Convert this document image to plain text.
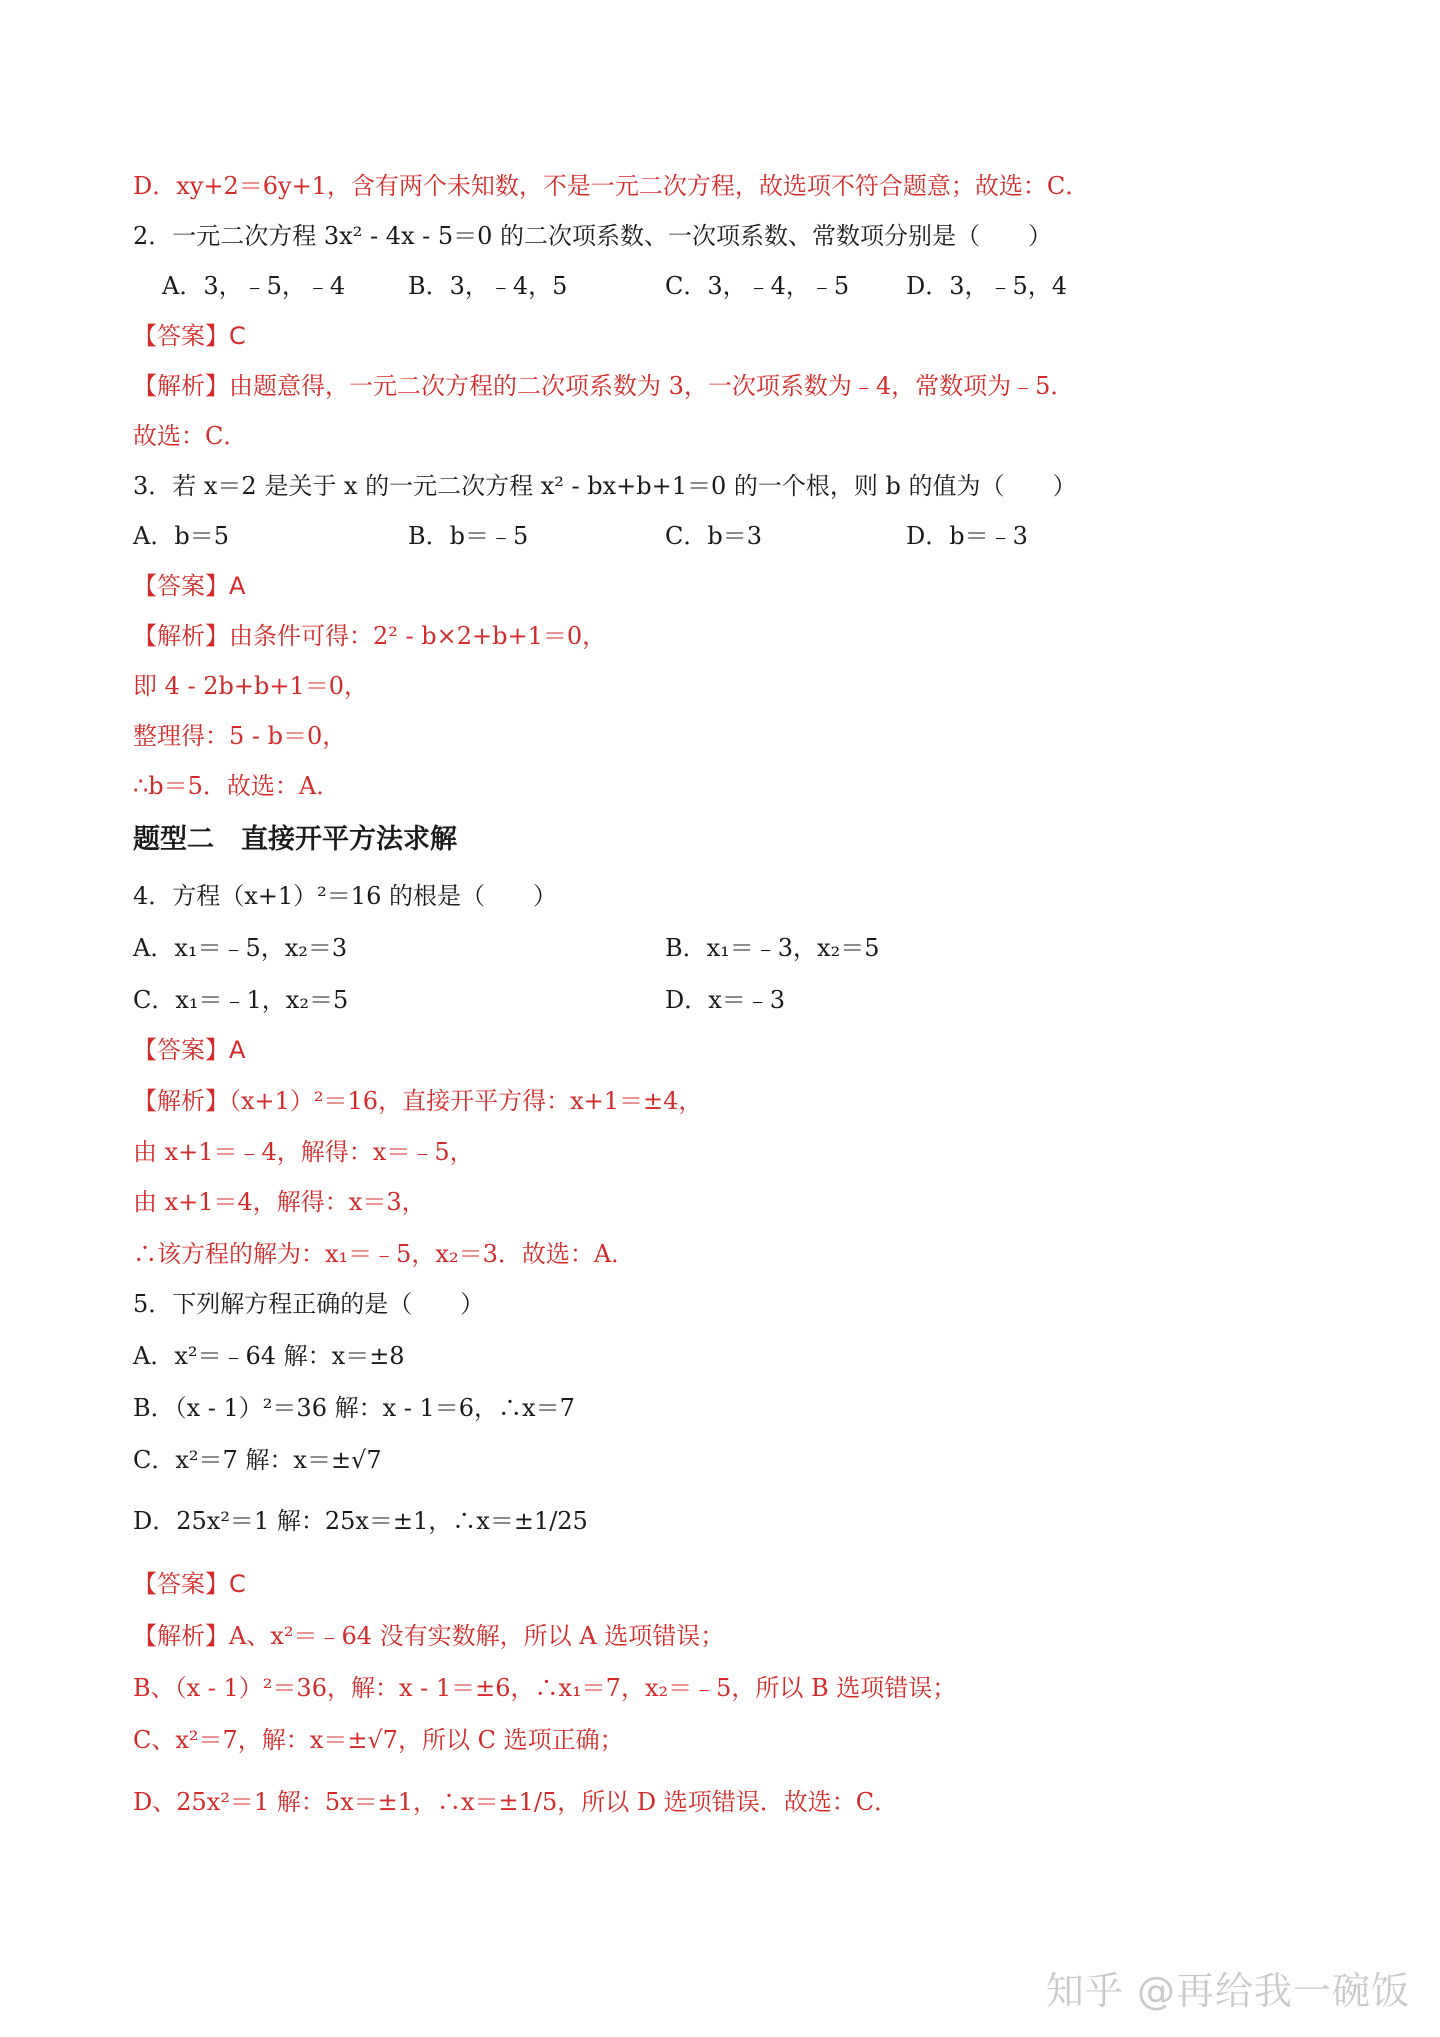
D．xy+2＝6y+1，含有两个未知数，不是一元二次方程，故选项不符合题意；故选：C．
2．一元二次方程 3x² - 4x - 5＝0 的二次项系数、一次项系数、常数项分别是（　　）
A．3，﹣5，﹣4	B．3，﹣4，5	C．3，﹣4，﹣5 D．3，﹣5，4
【答案】C
【解析】由题意得，一元二次方程的二次项系数为 3，一次项系数为﹣4，常数项为﹣5．
故选：C．
3．若 x＝2 是关于 x 的一元二次方程 x² - bx+b+1＝0 的一个根，则 b 的值为（　　）
A．b＝5	B．b＝﹣5	C．b＝3	D．b＝﹣3
【答案】A
【解析】由条件可得：2² - b×2+b+1＝0，
即 4 - 2b+b+1＝0，
整理得：5 - b＝0，
∴b＝5．故选：A．
题型二　直接开平方法求解
4．方程（x+1）²＝16 的根是（　　）
A．x₁＝﹣5，x₂＝3	B．x₁＝﹣3，x₂＝5
C．x₁＝﹣1，x₂＝5	D．x＝﹣3
【答案】A
【解析】（x+1）²＝16，直接开平方得：x+1＝±4，
由 x+1＝﹣4，解得：x＝﹣5，
由 x+1＝4，解得：x＝3，
∴该方程的解为：x₁＝﹣5，x₂＝3．故选：A．
5．下列解方程正确的是（　　）
A．x²＝﹣64 解：x＝±8
B．（x - 1）²＝36 解：x - 1＝6，∴x＝7
C．x²＝7 解：x＝±√7
D．25x²＝1 解：25x＝±1，∴x＝±1/25
【答案】C
【解析】A、x²＝﹣64 没有实数解，所以 A 选项错误；
B、（x - 1）²＝36，解：x - 1＝±6，∴x₁＝7，x₂＝﹣5，所以 B 选项错误；
C、x²＝7，解：x＝±√7，所以 C 选项正确；
D、25x²＝1 解：5x＝±1，∴x＝±1/5，所以 D 选项错误．故选：C．
知乎 @再给我一碗饭
